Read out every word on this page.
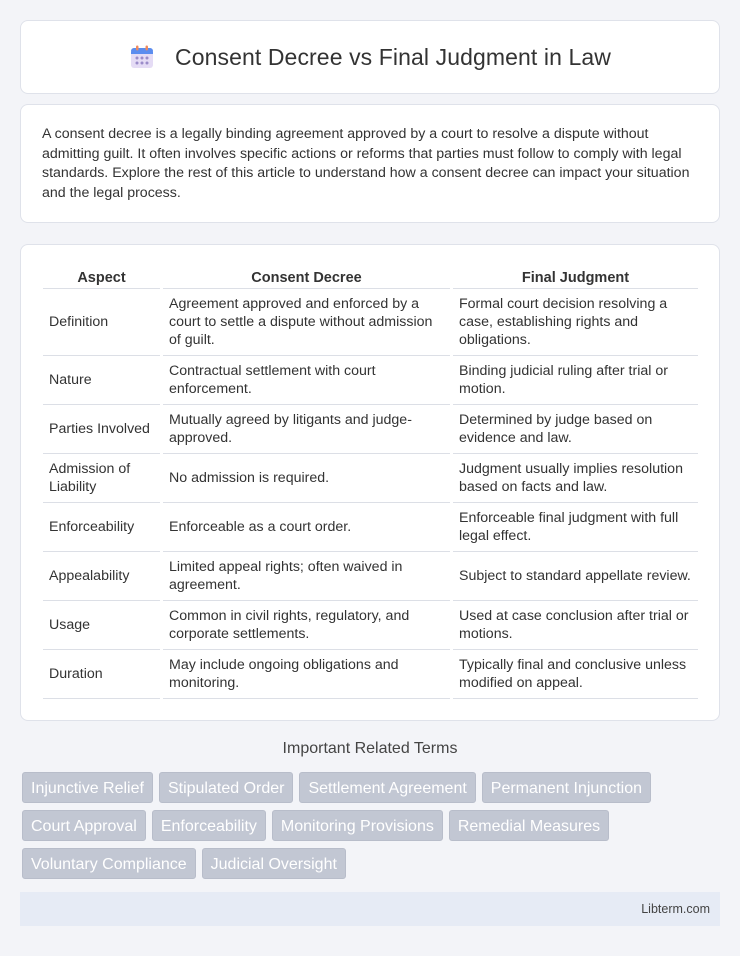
Consent Decree vs Final Judgment in Law

A consent decree is a legally binding agreement approved by a court to resolve a dispute without admitting guilt. It often involves specific actions or reforms that parties must follow to comply with legal standards. Explore the rest of this article to understand how a consent decree can impact your situation and the legal process.

Aspect		Consent Decree		Final Judgment
Definition		Agreement approved and enforced by a court to settle a dispute without admission of guilt.		Formal court decision resolving a case, establishing rights and obligations.
Nature		Contractual settlement with court enforcement.		Binding judicial ruling after trial or motion.
Parties Involved		Mutually agreed by litigants and judge-approved.		Determined by judge based on evidence and law.
Admission of Liability		No admission is required.		Judgment usually implies resolution based on facts and law.
Enforceability		Enforceable as a court order.		Enforceable final judgment with full legal effect.
Appealability		Limited appeal rights; often waived in agreement.		Subject to standard appellate review.
Usage		Common in civil rights, regulatory, and corporate settlements.		Used at case conclusion after trial or motions.
Duration		May include ongoing obligations and monitoring.		Typically final and conclusive unless modified on appeal.
Important Related Terms
Injunctive Relief	Stipulated Order	Settlement Agreement	Permanent Injunction
Court Approval	Enforceability	Monitoring Provisions	Remedial Measures
Voluntary Compliance	Judicial Oversight
Libterm.com
